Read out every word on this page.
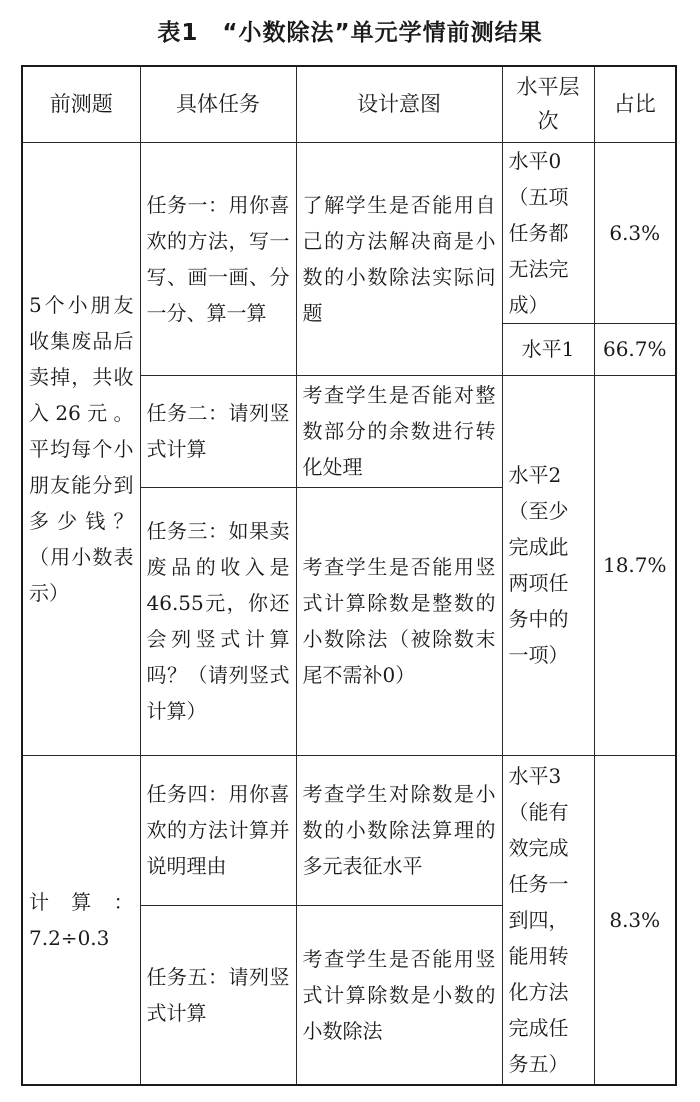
表1　“小数除法”单元学情前测结果
前测题	具体任务	设计意图	水平层次	占比
5个小朋友收集废品后卖掉，共收入26元。平均每个小朋友能分到多少钱？（用小数表示）	任务一：用你喜欢的方法，写一写、画一画、分一分、算一算	了解学生是否能用自己的方法解决商是小数的小数除法实际问题	水平0（五项任务都无法完成）	6.3%
			水平1	66.7%
	任务二：请列竖式计算	考查学生是否能对整数部分的余数进行转化处理	水平2（至少完成此两项任务中的一项）	18.7%
	任务三：如果卖废品的收入是46.55元，你还会列竖式计算吗？（请列竖式计算）	考查学生是否能用竖式计算除数是整数的小数除法（被除数末尾不需补0）		
计算：7.2÷0.3	任务四：用你喜欢的方法计算并说明理由	考查学生对除数是小数的小数除法算理的多元表征水平	水平3（能有效完成任务一到四，能用转化方法完成任务五）	8.3%
	任务五：请列竖式计算	考查学生是否能用竖式计算除数是小数的小数除法		
